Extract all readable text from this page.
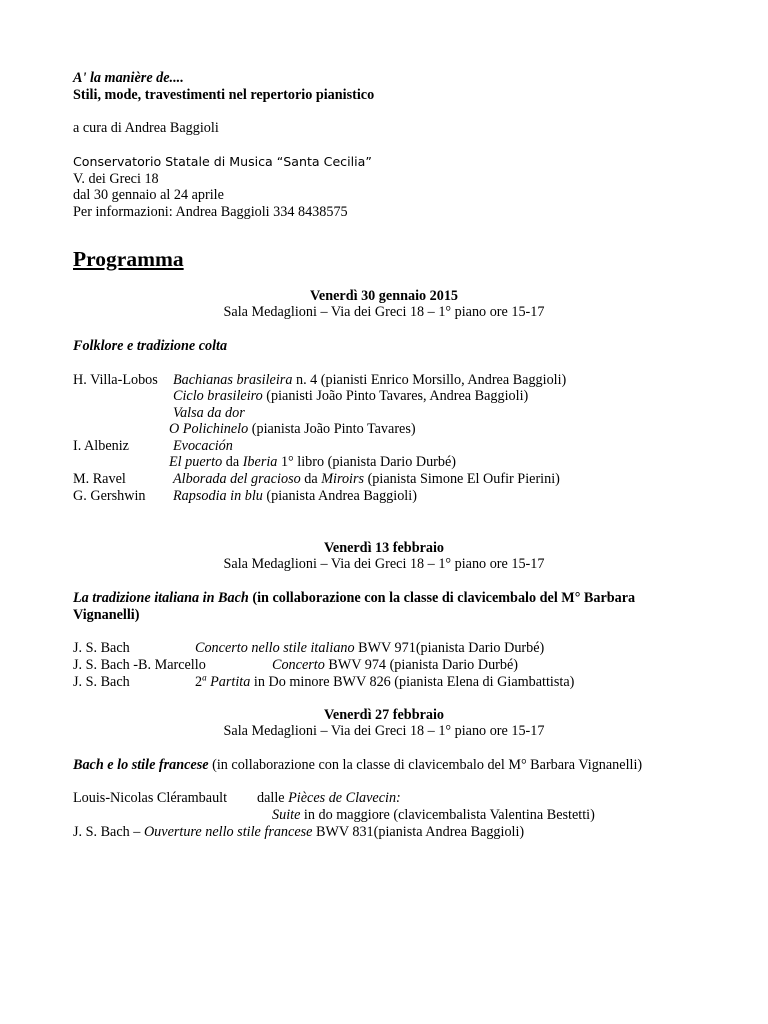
A' la manière de....
Stili, mode, travestimenti nel repertorio pianistico
a cura di Andrea Baggioli
Conservatorio Statale di Musica “Santa Cecilia”
V. dei Greci 18
dal 30 gennaio al 24 aprile
Per informazioni: Andrea Baggioli 334 8438575
Programma
Venerdì 30 gennaio 2015
Sala Medaglioni – Via dei Greci 18 – 1° piano ore 15-17
Folklore e tradizione colta
H. Villa-Lobos Bachianas brasileira n. 4 (pianisti Enrico Morsillo, Andrea Baggioli)
Ciclo brasileiro (pianisti João Pinto Tavares, Andrea Baggioli)
Valsa da dor
O Polichinelo (pianista João Pinto Tavares)
I. Albeniz	Evocación
El puerto da Iberia 1° libro (pianista Dario Durbé)
M. Ravel	Alborada del gracioso da Miroirs (pianista Simone El Oufir Pierini)
G. Gershwin Rapsodia in blu (pianista Andrea Baggioli)
Venerdì 13 febbraio
Sala Medaglioni – Via dei Greci 18 – 1° piano ore 15-17
La tradizione italiana in Bach (in collaborazione con la classe di clavicembalo del M° Barbara Vignanelli)
J. S. Bach	Concerto nello stile italiano BWV 971(pianista Dario Durbé)
J. S. Bach -B. Marcello	Concerto BWV 974 (pianista Dario Durbé)
J. S. Bach	2$^a$ Partita in Do minore BWV 826 (pianista Elena di Giambattista)
Venerdì 27 febbraio
Sala Medaglioni – Via dei Greci 18 – 1° piano ore 15-17
Bach e lo stile francese (in collaborazione con la classe di clavicembalo del M° Barbara Vignanelli)
Louis-Nicolas Clérambault dalle Pièces de Clavecin:
Suite in do maggiore (clavicembalista Valentina Bestetti)
J. S. Bach – Ouverture nello stile francese BWV 831(pianista Andrea Baggioli)
